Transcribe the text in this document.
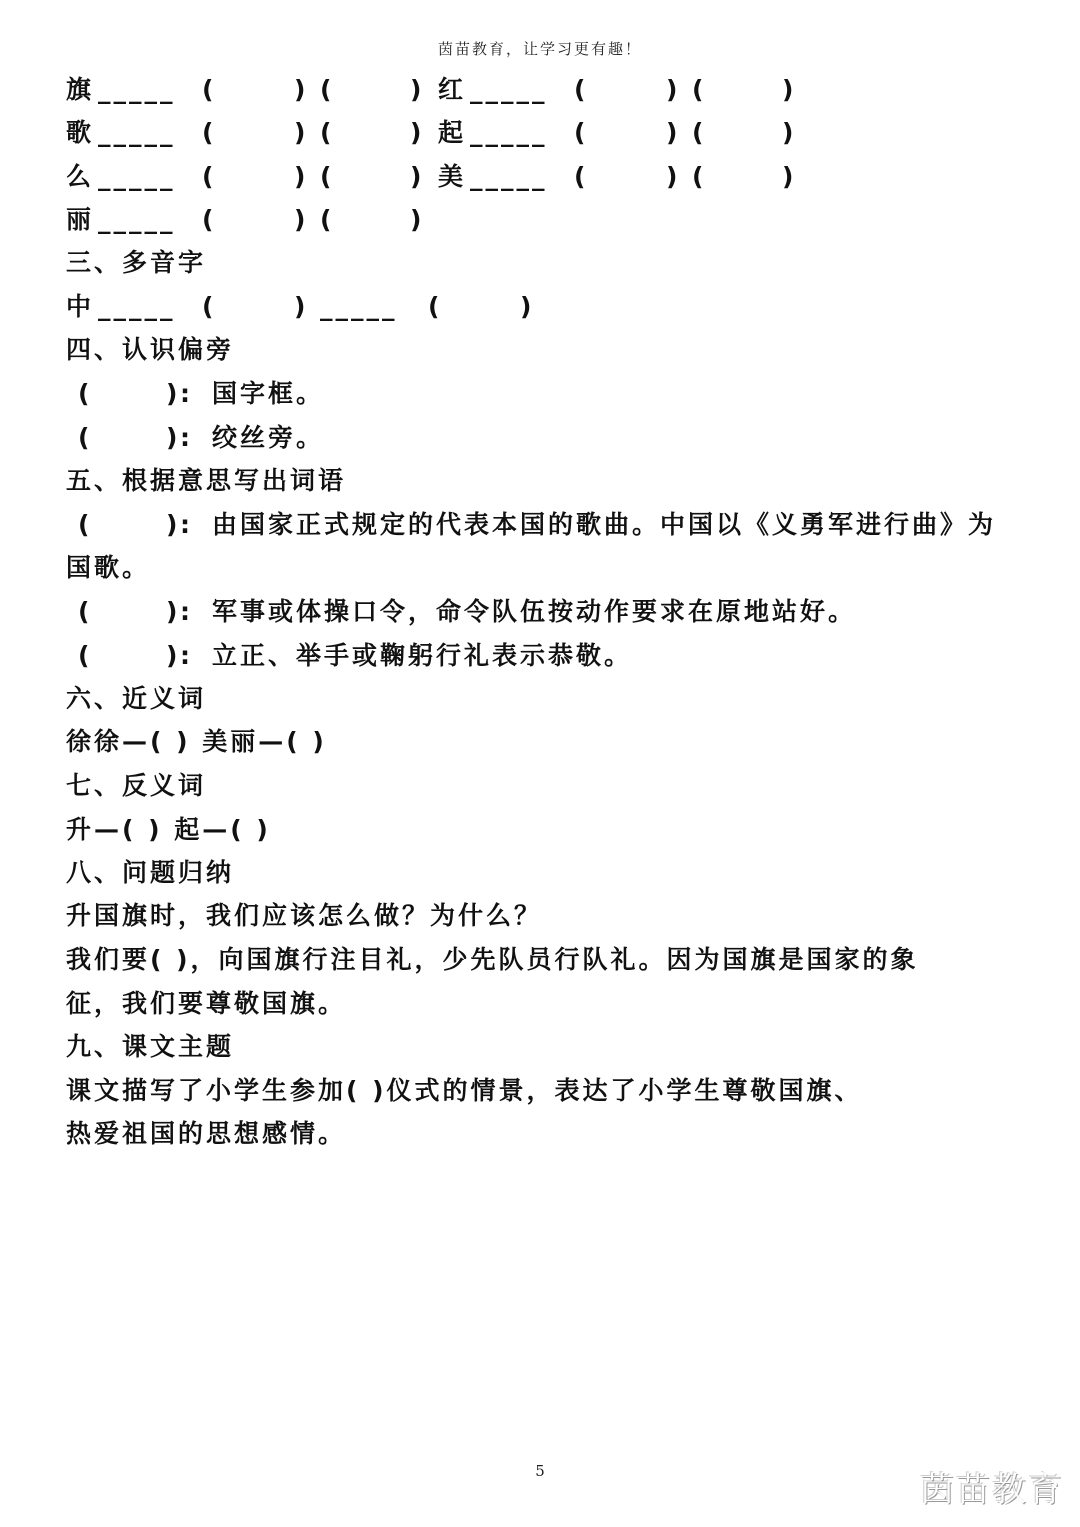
茵苗教育，让学习更有趣！
旗 _____ (	) (	) 红 _____ (	) (	)
歌 _____ (	) (	) 起 _____ (	) (	)
么 _____ (	) (	) 美 _____ (	) (	)
丽 _____ (	) (	)
三、多音字
中 _____ (	) _____ (	)
四、认识偏旁
(	) : 国字框。
(	) : 绞丝旁。
五、根据意思写出词语
(	) : 由国家正式规定的代表本国的歌曲。中国以《义勇军进行曲》为
国歌。
(	) : 军事或体操口令，命令队伍按动作要求在原地站好。
(	) : 立正、举手或鞠躬行礼表示恭敬。
六、近义词
徐徐—( ) 美丽—( )
七、反义词
升—( ) 起—( )
八、问题归纳
升国旗时，我们应该怎么做？为什么？
我们要( )，向国旗行注目礼，少先队员行队礼。因为国旗是国家的象
征，我们要尊敬国旗。
九、课文主题
课文描写了小学生参加( )仪式的情景，表达了小学生尊敬国旗、
热爱祖国的思想感情。
5	茵苗教育
